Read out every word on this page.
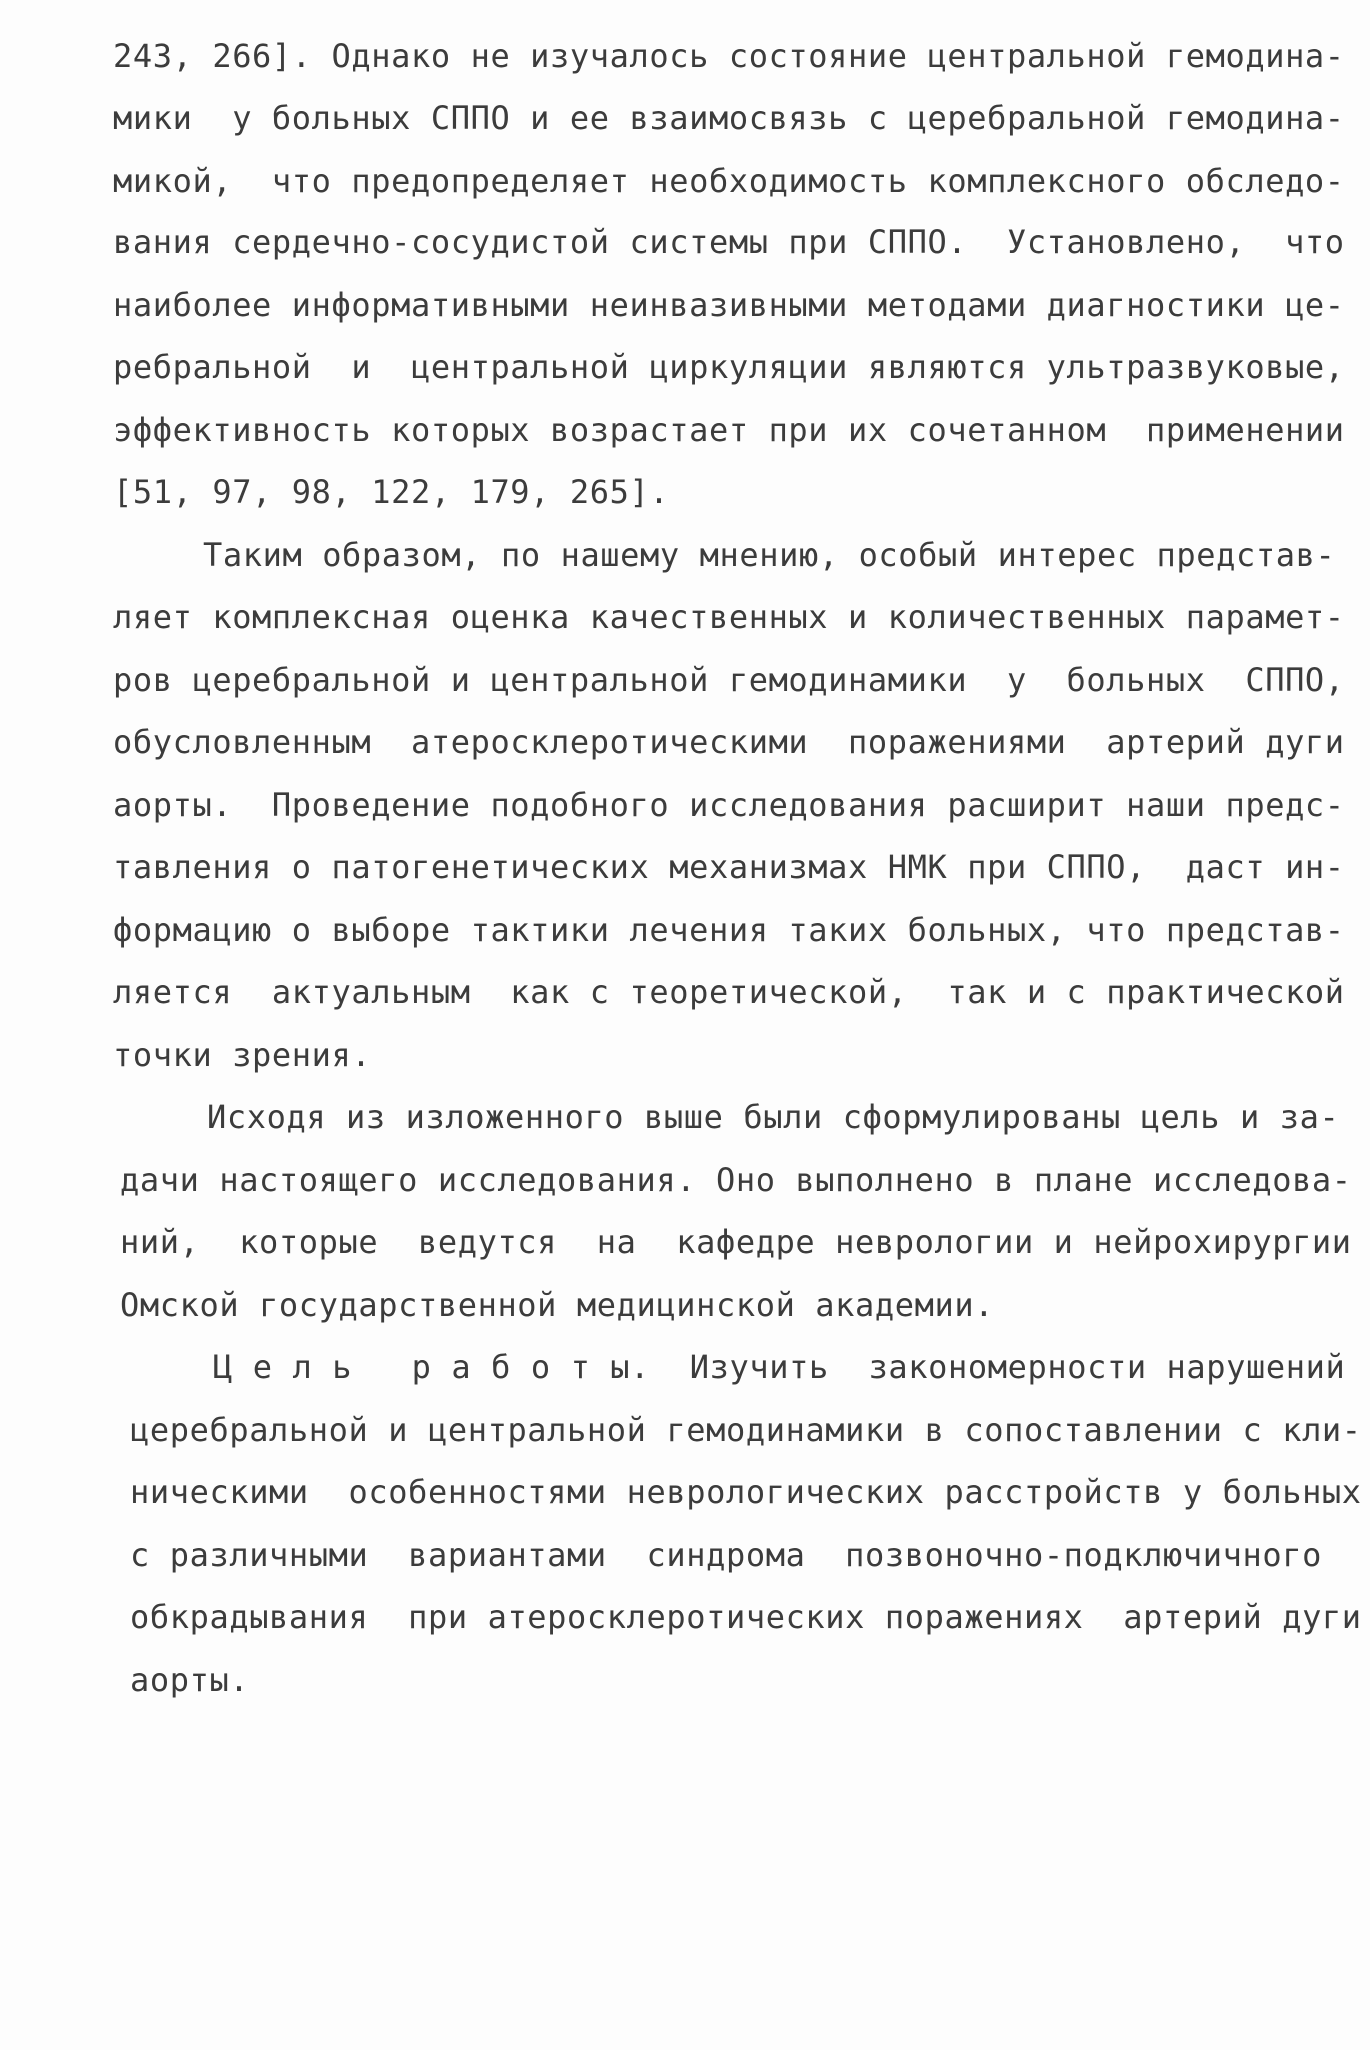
243, 266]. Однако не изучалось состояние центральной гемодина-
мики  у больных СППО и ее взаимосвязь с церебральной гемодина-
микой,  что предопределяет необходимость комплексного обследо-
вания сердечно-сосудистой системы при СППО.  Установлено,  что
наиболее информативными неинвазивными методами диагностики це-
ребральной  и  центральной циркуляции являются ультразвуковые,
эффективность которых возрастает при их сочетанном  применении
[51, 97, 98, 122, 179, 265].
Таким образом, по нашему мнению, особый интерес представ-
ляет комплексная оценка качественных и количественных парамет-
ров церебральной и центральной гемодинамики  у  больных  СППО,
обусловленным  атеросклеротическими  поражениями  артерий дуги
аорты.  Проведение подобного исследования расширит наши предс-
тавления о патогенетических механизмах НМК при СППО,  даст ин-
формацию о выборе тактики лечения таких больных, что представ-
ляется  актуальным  как с теоретической,  так и с практической
точки зрения.
Исходя из изложенного выше были сформулированы цель и за-
дачи настоящего исследования. Оно выполнено в плане исследова-
ний,  которые  ведутся  на  кафедре неврологии и нейрохирургии
Омской государственной медицинской академии.
Ц е л ь   р а б о т ы.  Изучить  закономерности нарушений
церебральной и центральной гемодинамики в сопоставлении с кли-
ническими  особенностями неврологических расстройств у больных
с различными  вариантами  синдрома  позвоночно-подключичного
обкрадывания  при атеросклеротических поражениях  артерий дуги
аорты.
